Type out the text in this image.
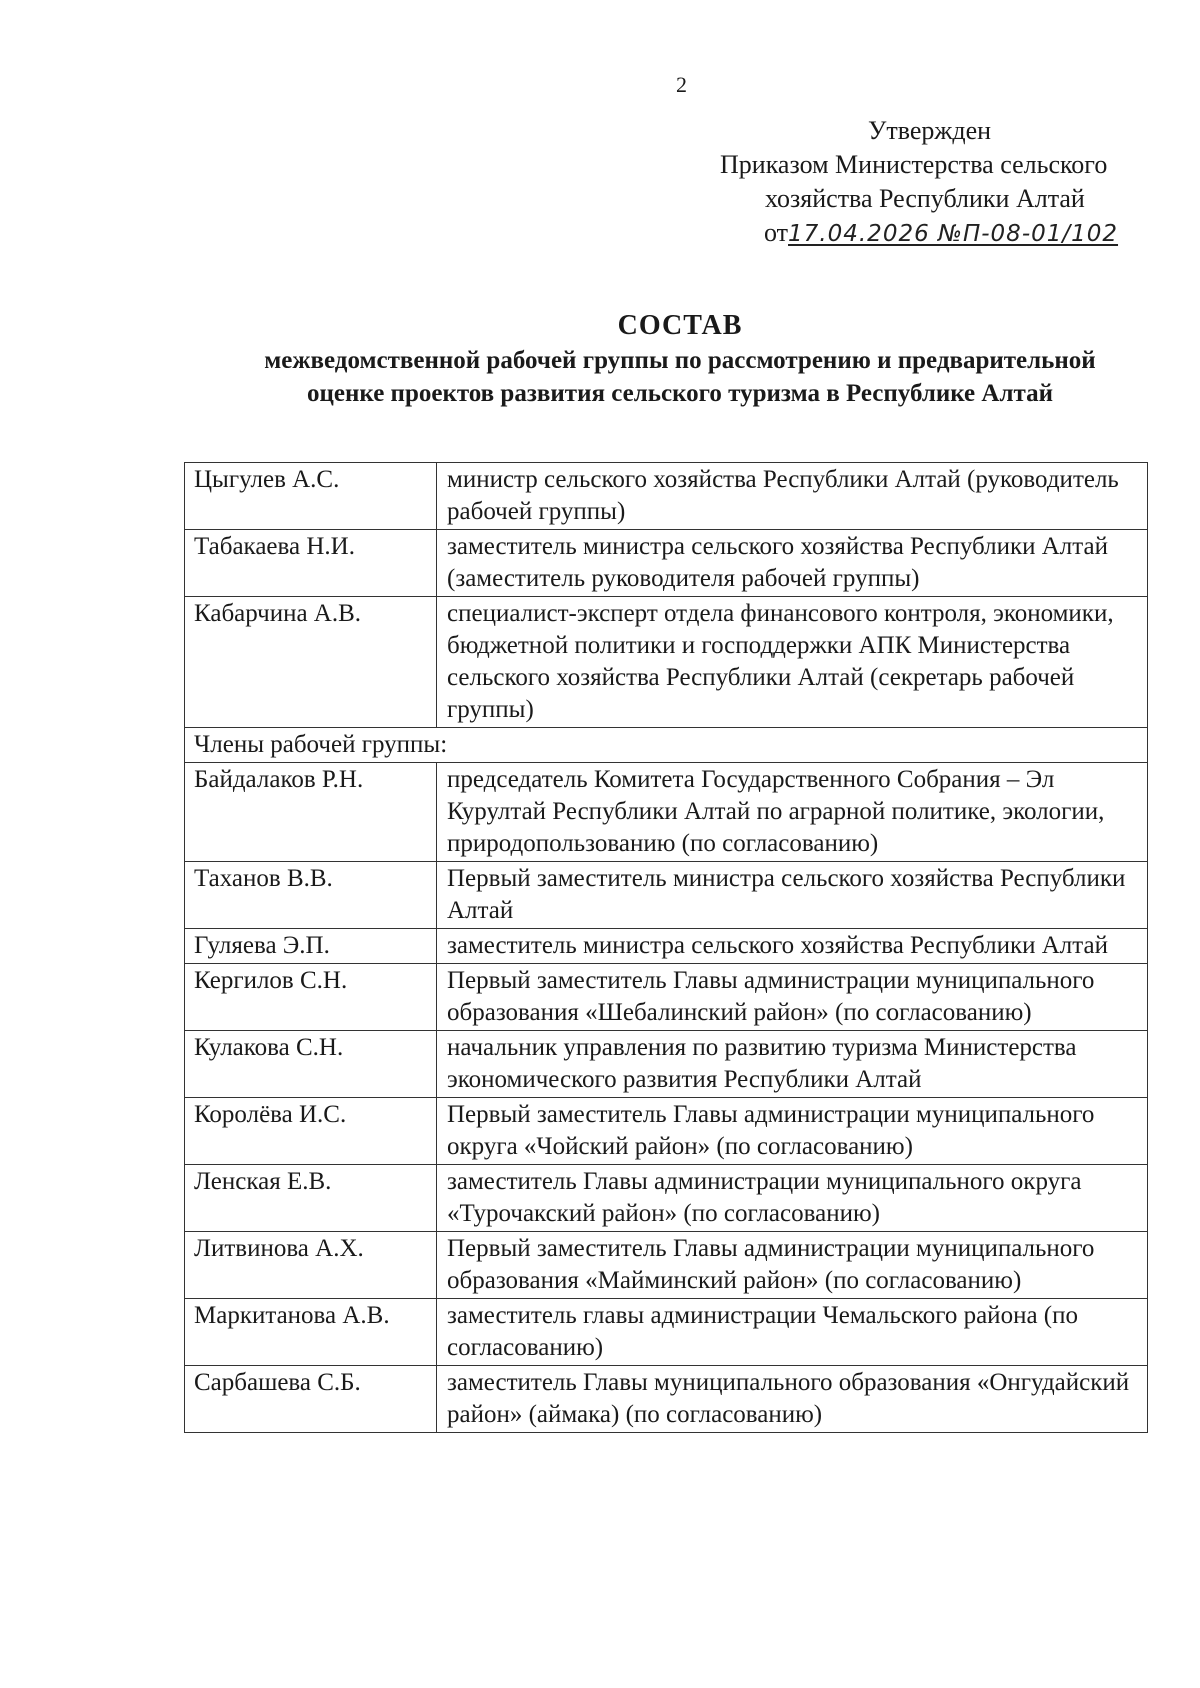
2
Утвержден
Приказом Министерства сельского
хозяйства Республики Алтай
от17.04.2026 №П-08-01/102
СОСТАВ
межведомственной рабочей группы по рассмотрению и предварительной
оценке проектов развития сельского туризма в Республике Алтай
Цыгулев А.С.	министр сельского хозяйства Республики Алтай (руководитель рабочей группы)
Табакаева Н.И.	заместитель министра сельского хозяйства Республики Алтай (заместитель руководителя рабочей группы)
Кабарчина А.В.	специалист-эксперт отдела финансового контроля, экономики, бюджетной политики и господдержки АПК Министерства сельского хозяйства Республики Алтай (секретарь рабочей группы)
Члены рабочей группы:	
Байдалаков Р.Н.	председатель Комитета Государственного Собрания – Эл Курултай Республики Алтай по аграрной политике, экологии, природопользованию (по согласованию)
Таханов В.В.	Первый заместитель министра сельского хозяйства Республики Алтай
Гуляева Э.П.	заместитель министра сельского хозяйства Республики Алтай
Кергилов С.Н.	Первый заместитель Главы администрации муниципального образования «Шебалинский район» (по согласованию)
Кулакова С.Н.	начальник управления по развитию туризма Министерства экономического развития Республики Алтай
Королёва И.С.	Первый заместитель Главы администрации муниципального округа «Чойский район» (по согласованию)
Ленская Е.В.	заместитель Главы администрации муниципального округа «Турочакский район» (по согласованию)
Литвинова А.Х.	Первый заместитель Главы администрации муниципального образования «Майминский район» (по согласованию)
Маркитанова А.В.	заместитель главы администрации Чемальского района (по согласованию)
Сарбашева С.Б.	заместитель Главы муниципального образования «Онгудайский район» (аймака) (по согласованию)
